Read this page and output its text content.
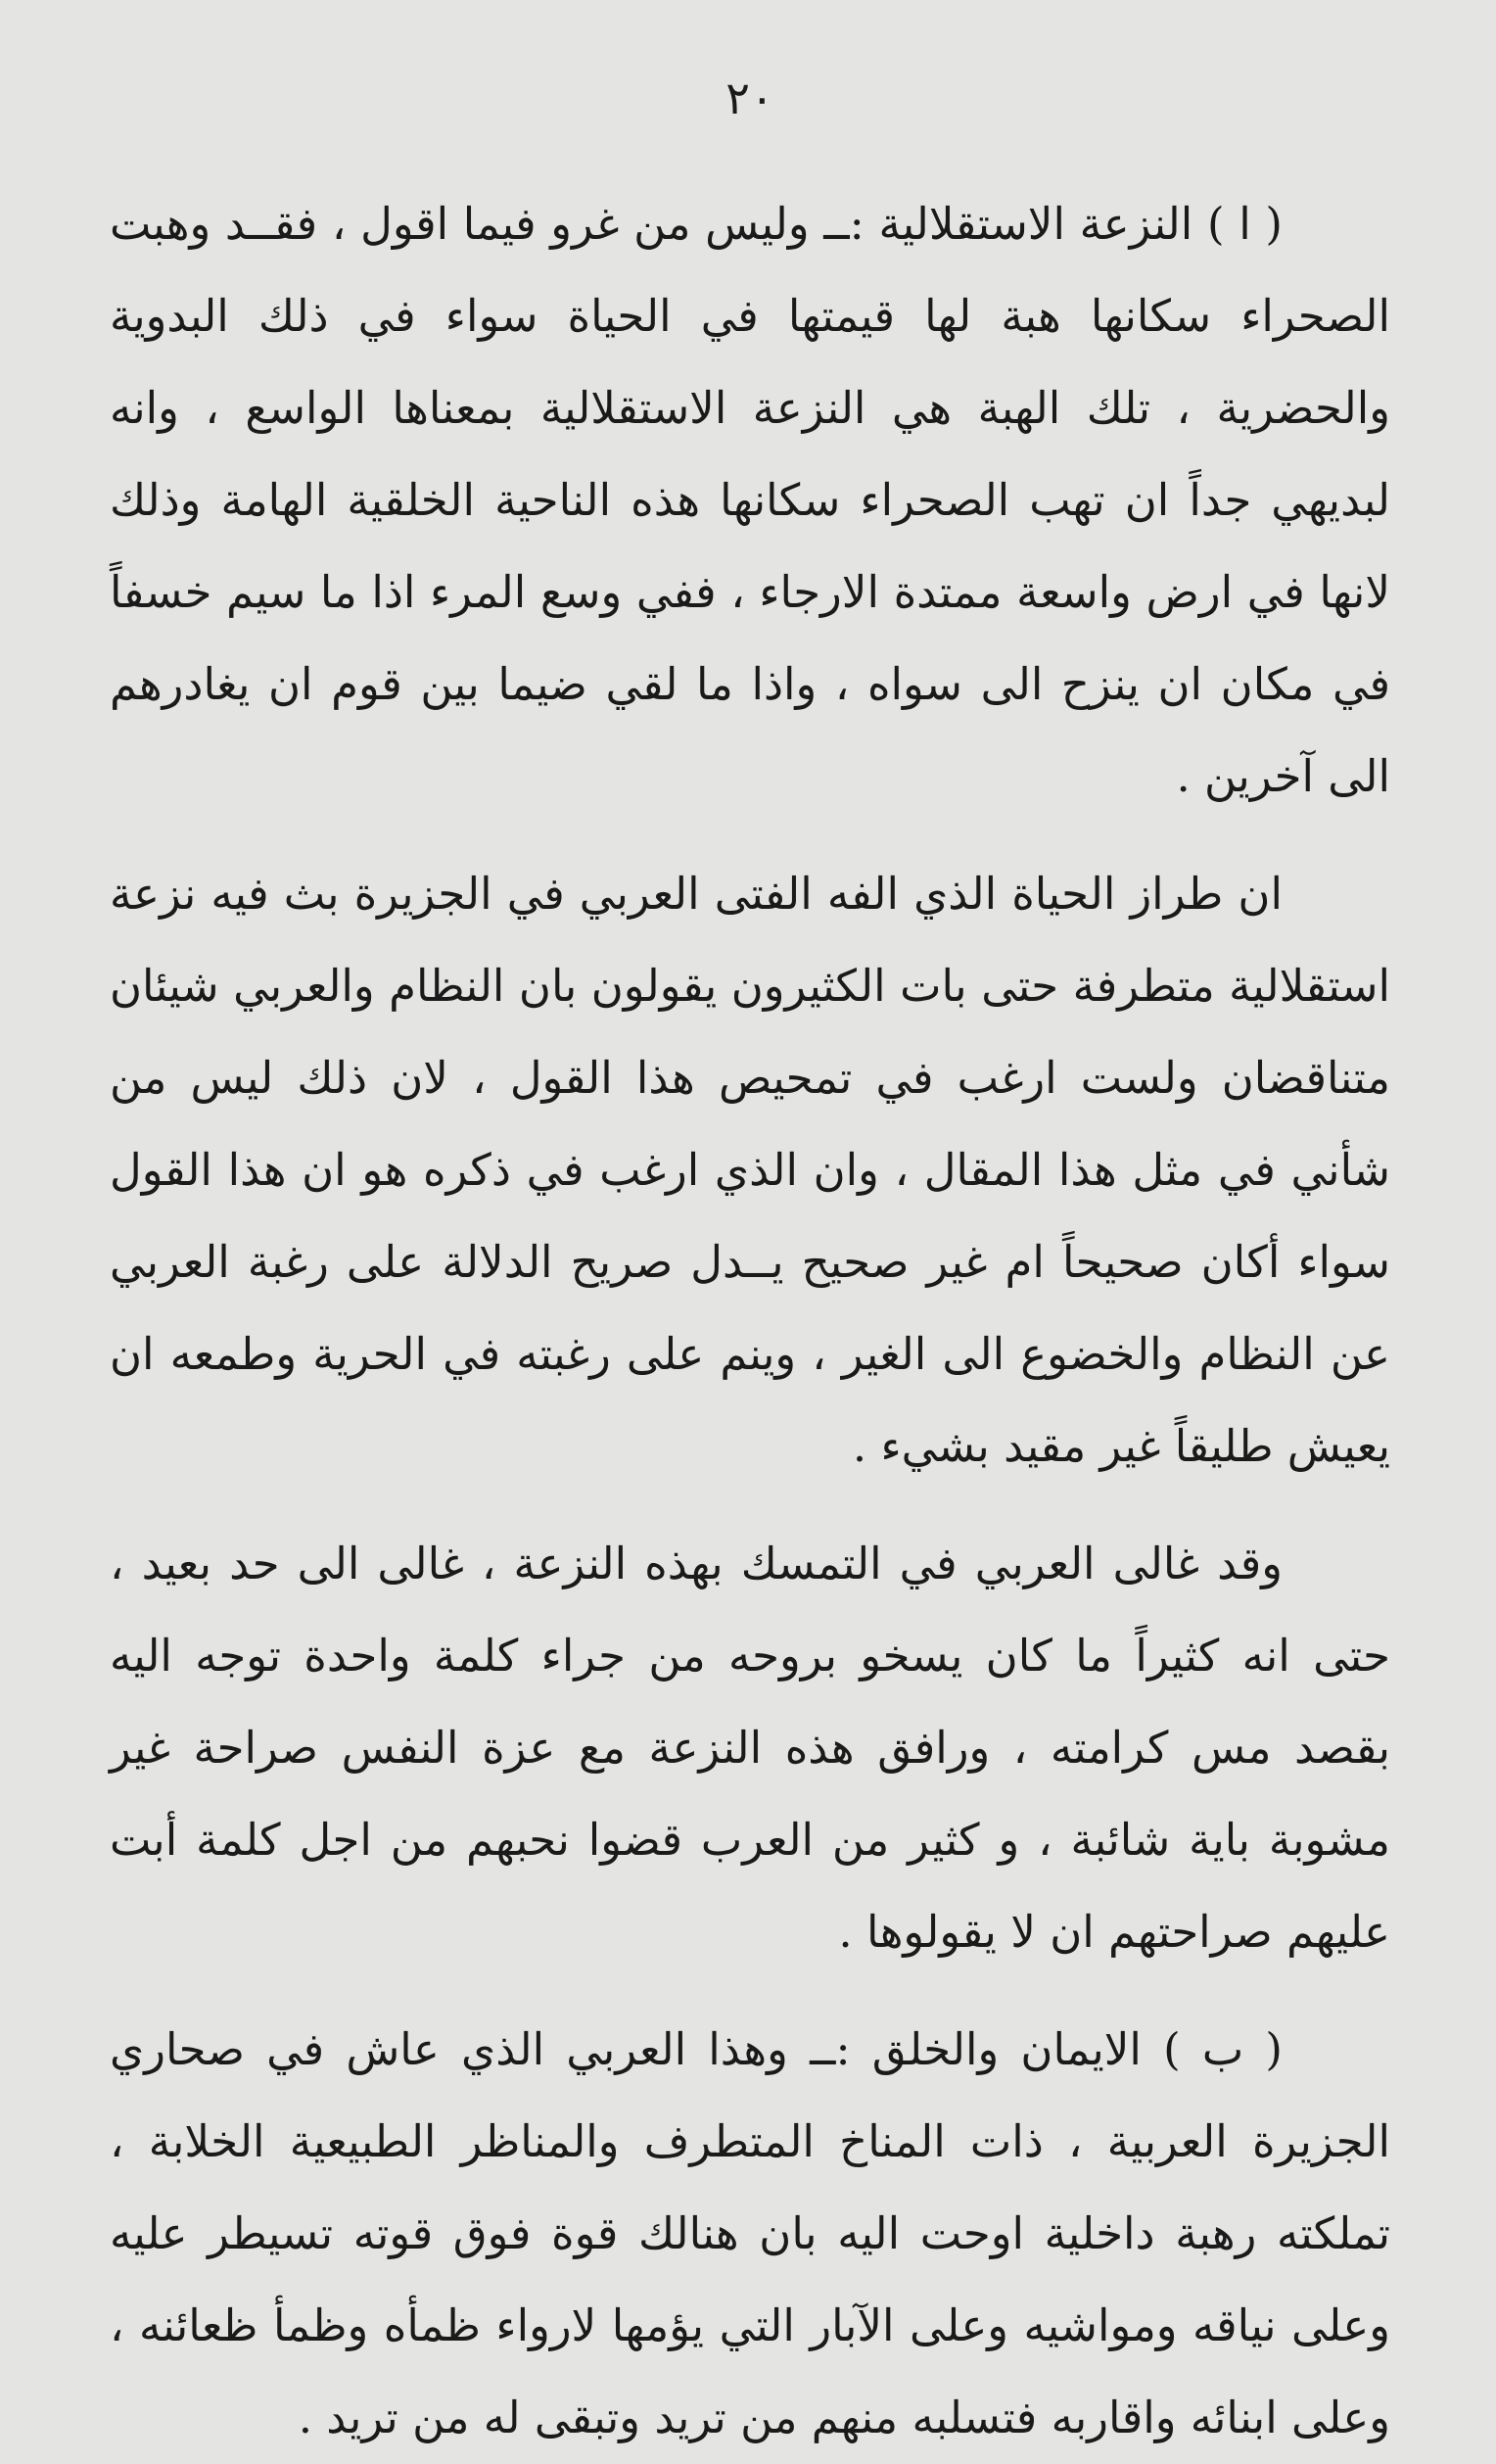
٢٠

( ا ) النزعة الاستقلالية :ــ وليس من غرو فيما اقول ، فقــد وهبت الصحراء سكانها هبة لها قيمتها في الحياة سواء في ذلك البدوية والحضرية ، تلك الهبة هي النزعة الاستقلالية بمعناها الواسع ، وانه لبديهي جداً ان تهب الصحراء سكانها هذه الناحية الخلقية الهامة وذلك لانها في ارض واسعة ممتدة الارجاء ، ففي وسع المرء اذا ما سيم خسفاً في مكان ان ينزح الى سواه ، واذا ما لقي ضيما بين قوم ان يغادرهم الى آخرين .

ان طراز الحياة الذي الفه الفتى العربي في الجزيرة بث فيه نزعة استقلالية متطرفة حتى بات الكثيرون يقولون بان النظام والعربي شيئان متناقضان ولست ارغب في تمحيص هذا القول ، لان ذلك ليس من شأني في مثل هذا المقال ، وان الذي ارغب في ذكره هو ان هذا القول سواء أكان صحيحاً ام غير صحيح يــدل صريح الدلالة على رغبة العربي عن النظام والخضوع الى الغير ، وينم على رغبته في الحرية وطمعه ان يعيش طليقاً غير مقيد بشيء .

وقد غالى العربي في التمسك بهذه النزعة ، غالى الى حد بعيد ، حتى انه كثيراً ما كان يسخو بروحه من جراء كلمة واحدة توجه اليه بقصد مس كرامته ، ورافق هذه النزعة مع عزة النفس صراحة غير مشوبة باية شائبة ، و كثير من العرب قضوا نحبهم من اجل كلمة أبت عليهم صراحتهم ان لا يقولوها .

( ب ) الايمان والخلق :ــ وهذا العربي الذي عاش في صحاري الجزيرة العربية ، ذات المناخ المتطرف والمناظر الطبيعية الخلابة ، تملكته رهبة داخلية اوحت اليه بان هنالك قوة فوق قوته تسيطر عليه وعلى نياقه ومواشيه وعلى الآبار التي يؤمها لارواء ظمأه وظمأ ظعائنه ، وعلى ابنائه واقاربه فتسلبه منهم من تريد وتبقى له من تريد .
